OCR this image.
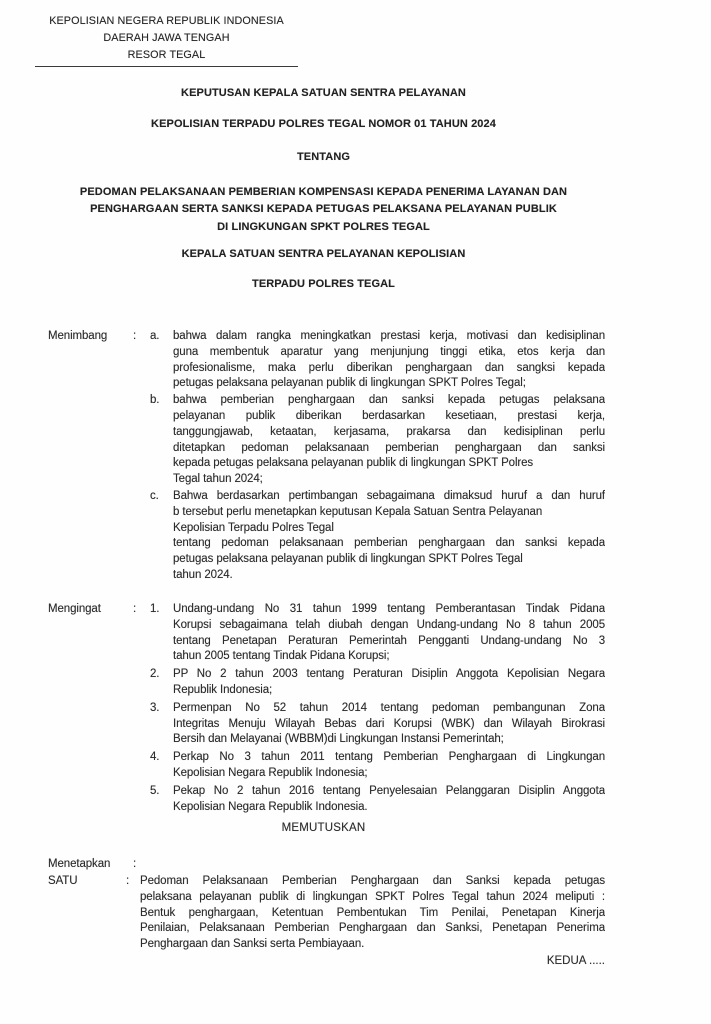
KEPOLISIAN NEGERA REPUBLIK INDONESIA
DAERAH JAWA TENGAH
RESOR TEGAL
KEPUTUSAN KEPALA SATUAN SENTRA PELAYANAN
KEPOLISIAN TERPADU POLRES TEGAL NOMOR 01 TAHUN 2024
TENTANG
PEDOMAN PELAKSANAAN PEMBERIAN KOMPENSASI KEPADA PENERIMA LAYANAN DAN
PENGHARGAAN SERTA SANKSI KEPADA PETUGAS PELAKSANA PELAYANAN PUBLIK
DI LINGKUNGAN SPKT POLRES TEGAL
KEPALA SATUAN SENTRA PELAYANAN KEPOLISIAN
TERPADU POLRES TEGAL
Menimbang	:	a.	bahwa dalam rangka meningkatkan prestasi kerja, motivasi dan kedisiplinan
guna membentuk aparatur yang menjunjung tinggi etika, etos kerja dan
profesionalisme, maka perlu diberikan penghargaan dan sangksi kepada
petugas pelaksana pelayanan publik di lingkungan SPKT Polres Tegal;
b.	bahwa pemberian penghargaan dan sanksi kepada petugas pelaksana
pelayanan publik diberikan berdasarkan kesetiaan, prestasi kerja,
tanggungjawab, ketaatan, kerjasama, prakarsa dan kedisiplinan perlu
ditetapkan pedoman pelaksanaan pemberian penghargaan dan sanksi
kepada petugas pelaksana pelayanan publik di lingkungan SPKT Polres
Tegal tahun 2024;
c.	Bahwa berdasarkan pertimbangan sebagaimana dimaksud huruf a dan huruf
b tersebut perlu menetapkan keputusan Kepala Satuan Sentra Pelayanan
Kepolisian Terpadu Polres Tegal
tentang pedoman pelaksanaan pemberian penghargaan dan sanksi kepada
petugas pelaksana pelayanan publik di lingkungan SPKT Polres Tegal
tahun 2024.
Mengingat	:	1.	Undang-undang No 31 tahun 1999 tentang Pemberantasan Tindak Pidana
Korupsi sebagaimana telah diubah dengan Undang-undang No 8 tahun 2005
tentang Penetapan Peraturan Pemerintah Pengganti Undang-undang No 3
tahun 2005 tentang Tindak Pidana Korupsi;
2.	PP No 2 tahun 2003 tentang Peraturan Disiplin Anggota Kepolisian Negara
Republik Indonesia;
3.	Permenpan No 52 tahun 2014 tentang pedoman pembangunan Zona
Integritas Menuju Wilayah Bebas dari Korupsi (WBK) dan Wilayah Birokrasi
Bersih dan Melayanai (WBBM)di Lingkungan Instansi Pemerintah;
4.	Perkap No 3 tahun 2011 tentang Pemberian Penghargaan di Lingkungan
Kepolisian Negara Republik Indonesia;
5.	Pekap No 2 tahun 2016 tentang Penyelesaian Pelanggaran Disiplin Anggota
Kepolisian Negara Republik Indonesia.
MEMUTUSKAN
Menetapkan	:
SATU	: Pedoman Pelaksanaan Pemberian Penghargaan dan Sanksi kepada petugas
pelaksana pelayanan publik di lingkungan SPKT Polres Tegal tahun 2024 meliputi :
Bentuk penghargaan, Ketentuan Pembentukan Tim Penilai, Penetapan Kinerja
Penilaian, Pelaksanaan Pemberian Penghargaan dan Sanksi, Penetapan Penerima
Penghargaan dan Sanksi serta Pembiayaan.
KEDUA .....
